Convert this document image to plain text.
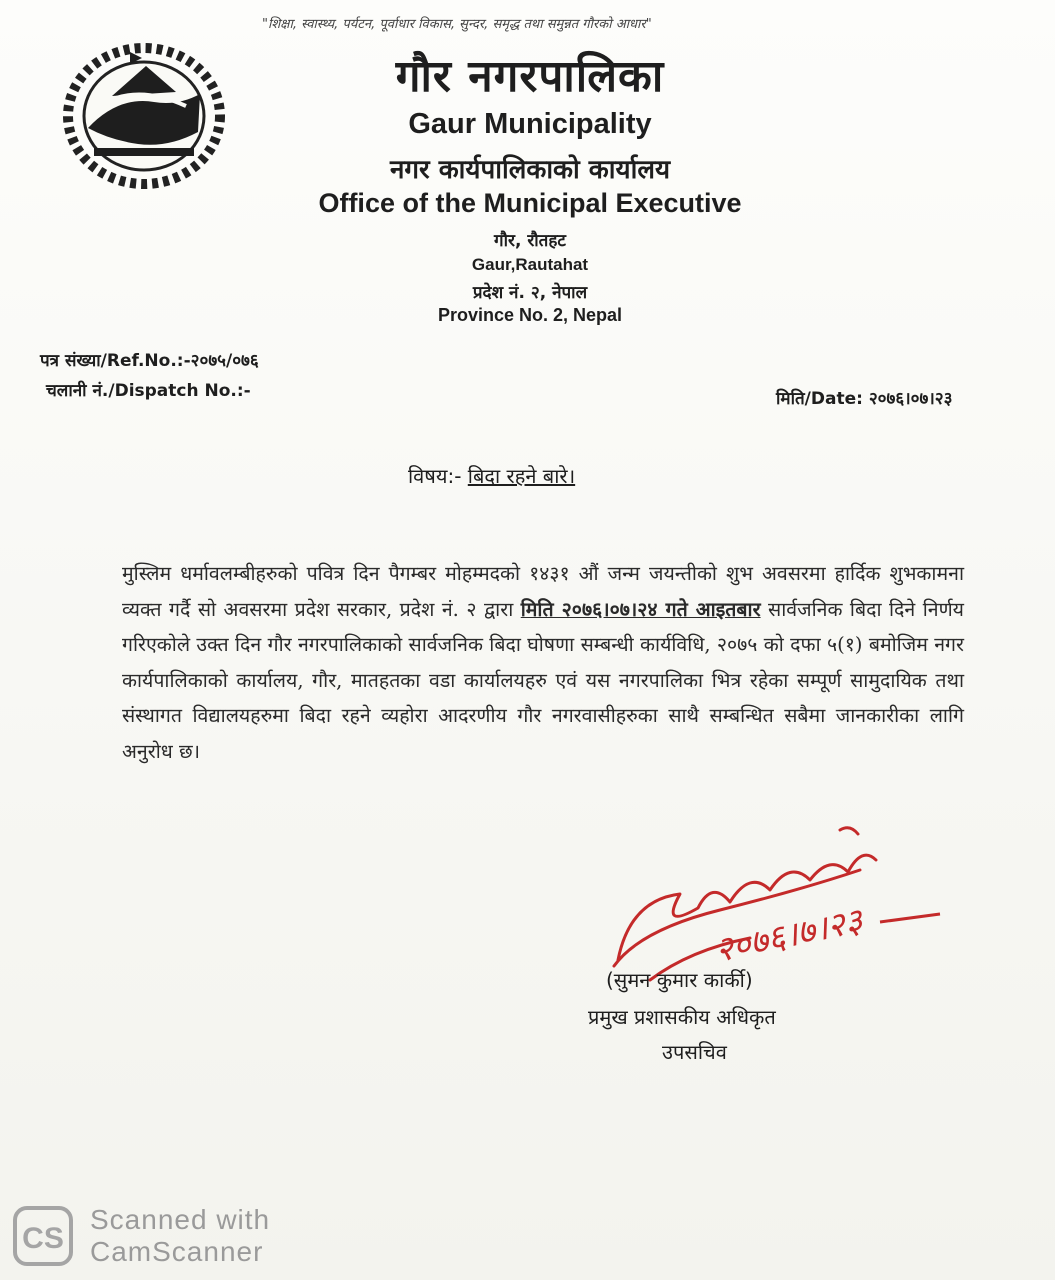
"शिक्षा, स्वास्थ्य, पर्यटन, पूर्वाधार विकास, सुन्दर, समृद्ध तथा समुन्नत गौरको आधार"
गौर नगरपालिका
Gaur Municipality
नगर कार्यपालिकाको कार्यालय
Office of the Municipal Executive
गौर, रौतहट
Gaur,Rautahat
प्रदेश नं. २, नेपाल
Province No. 2, Nepal
पत्र संख्या/Ref.No.:-२०७५/०७६
चलानी नं./Dispatch No.:-	मिति/Date: २०७६।०७।२३
विषय:- बिदा रहने बारे।
मुस्लिम धर्मावलम्बीहरुको पवित्र दिन पैगम्बर मोहम्मदको १४३१ औं जन्म जयन्तीको शुभ अवसरमा हार्दिक शुभकामना व्यक्त गर्दै सो अवसरमा प्रदेश सरकार, प्रदेश नं. २ द्वारा मिति २०७६।०७।२४ गते आइतबार सार्वजनिक बिदा दिने निर्णय गरिएकोले उक्त दिन गौर नगरपालिकाको सार्वजनिक बिदा घोषणा सम्बन्धी कार्यविधि, २०७५ को दफा ५(१) बमोजिम नगर कार्यपालिकाको कार्यालय, गौर, मातहतका वडा कार्यालयहरु एवं यस नगरपालिका भित्र रहेका सम्पूर्ण सामुदायिक तथा संस्थागत विद्यालयहरुमा बिदा रहने व्यहोरा आदरणीय गौर नगरवासीहरुका साथै सम्बन्धित सबैमा जानकारीका लागि अनुरोध छ।
२०७६।७।२३
(सुमन कुमार कार्की)
प्रमुख प्रशासकीय अधिकृत
उपसचिव
CS
Scanned with
CamScanner
